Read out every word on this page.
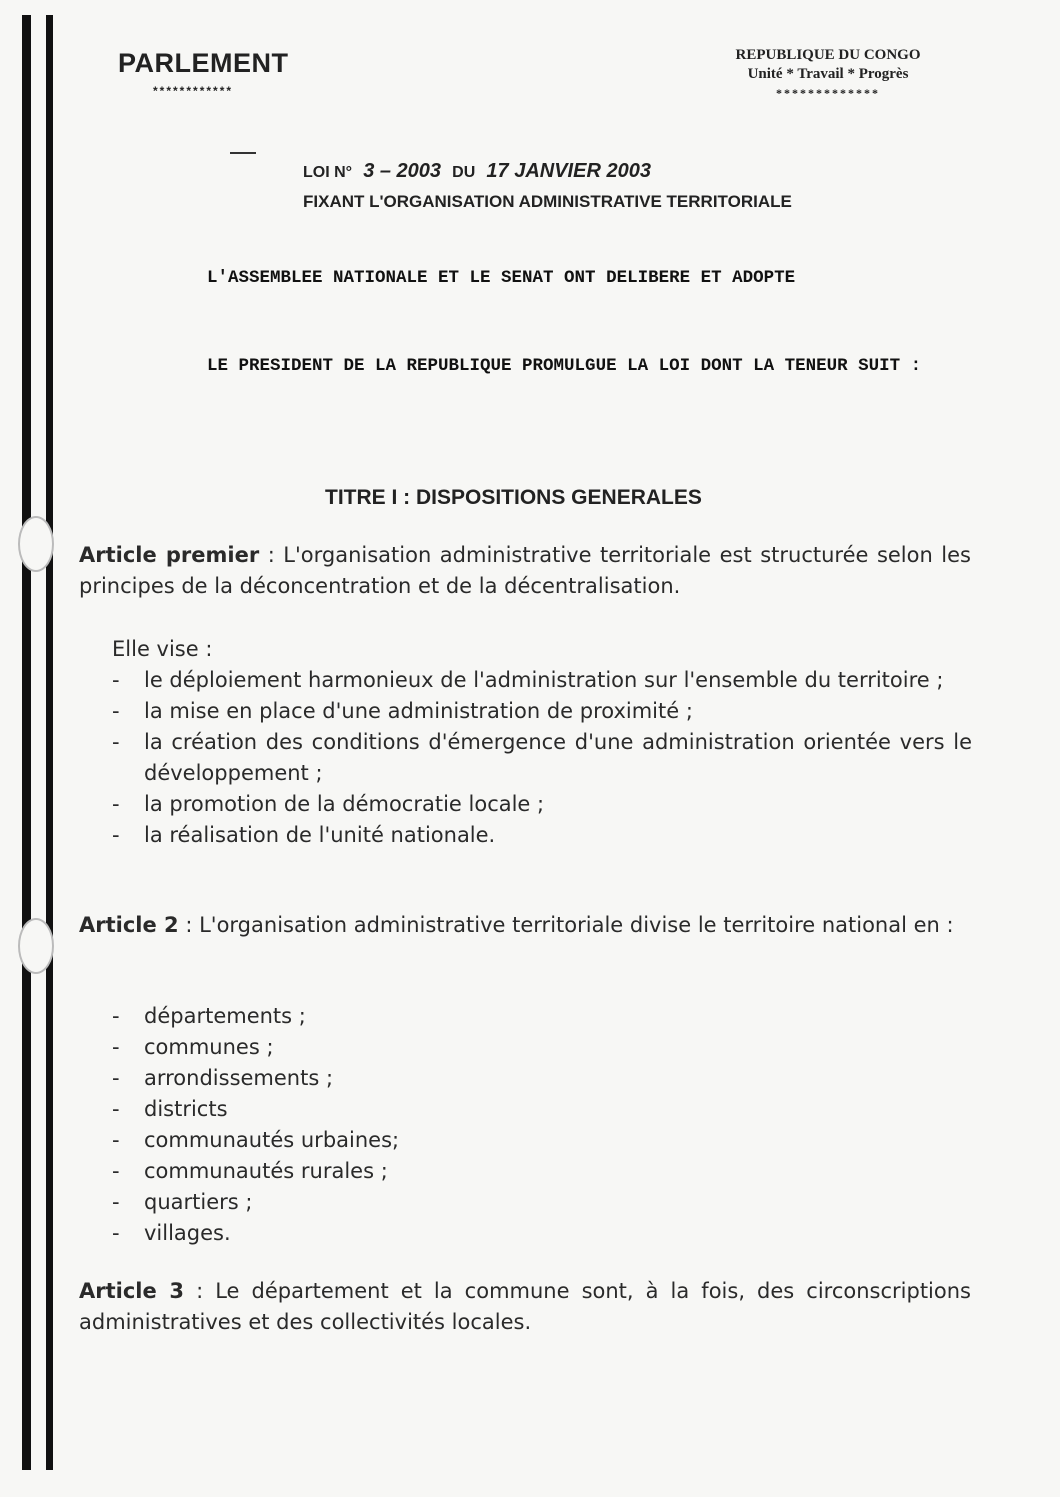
PARLEMENT
************
REPUBLIQUE DU CONGO
Unité * Travail * Progrès
*************
LOI N° 3 – 2003 DU 17 JANVIER 2003
FIXANT L'ORGANISATION ADMINISTRATIVE TERRITORIALE
L'ASSEMBLEE NATIONALE ET LE SENAT ONT DELIBERE ET ADOPTE
LE PRESIDENT DE LA REPUBLIQUE PROMULGUE LA LOI DONT LA TENEUR SUIT :
TITRE I : DISPOSITIONS GENERALES
Article premier : L'organisation administrative territoriale est structurée selon les principes de la déconcentration et de la décentralisation.
Elle vise :
- le déploiement harmonieux de l'administration sur l'ensemble du territoire ;
- la mise en place d'une administration de proximité ;
- la création des conditions d'émergence d'une administration orientée vers le développement ;
- la promotion de la démocratie locale ;
- la réalisation de l'unité nationale.
Article 2 : L'organisation administrative territoriale divise le territoire national en :
- départements ;
- communes ;
- arrondissements ;
- districts
- communautés urbaines;
- communautés rurales ;
- quartiers ;
- villages.
Article 3 : Le département et la commune sont, à la fois, des circonscriptions administratives et des collectivités locales.
